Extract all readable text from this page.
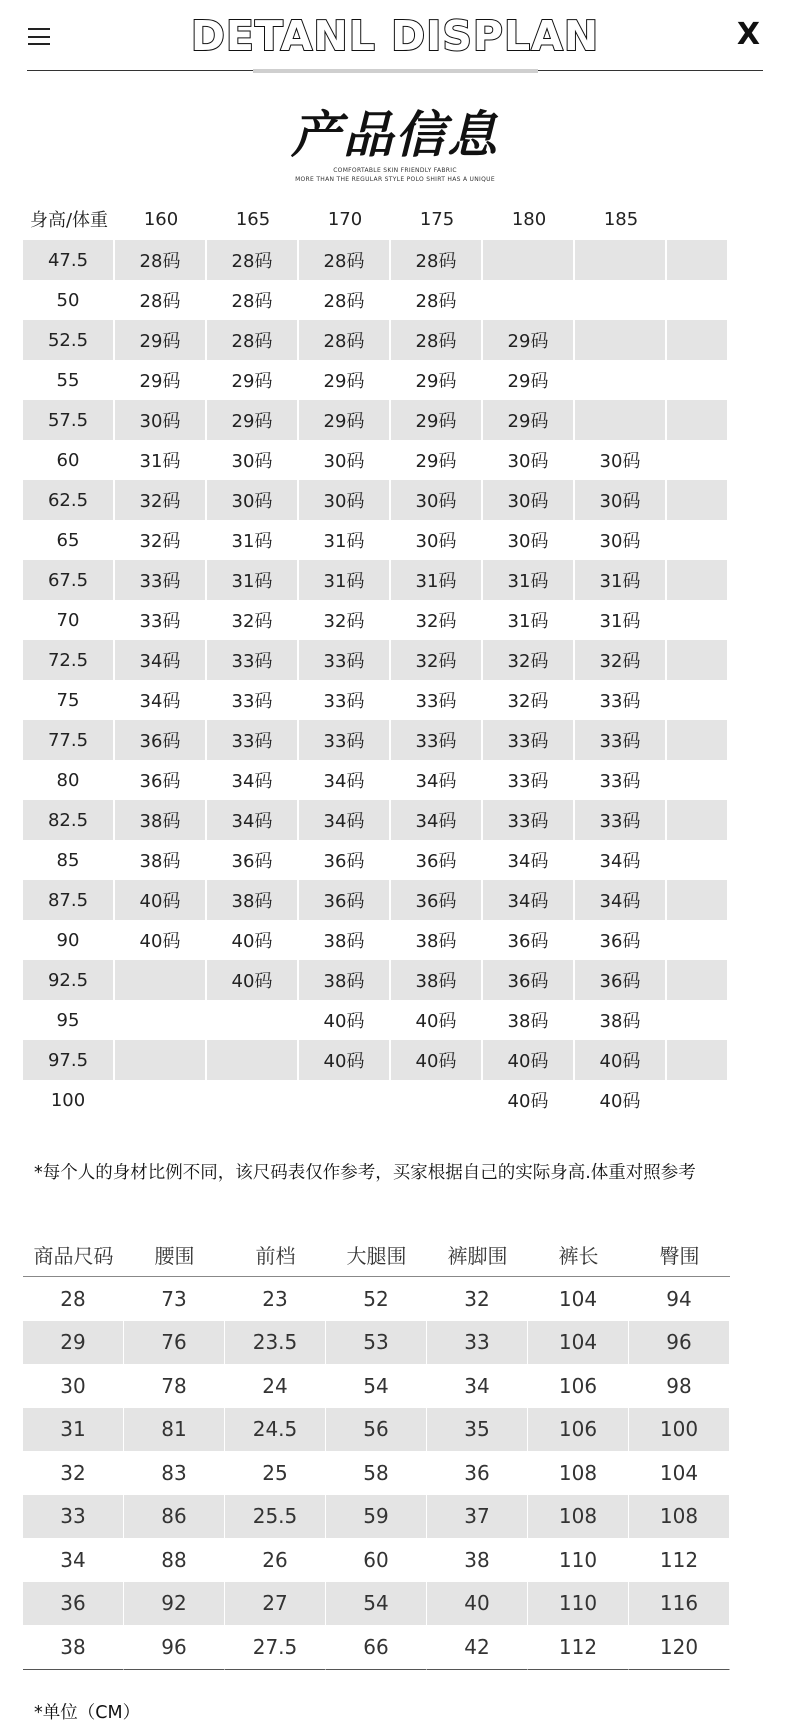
DETANL DISPLAN	X
产品信息
COMFORTABLE SKIN FRIENDLY FABRIC
MORE THAN THE REGULAR STYLE POLO SHIRT HAS A UNIQUE
身高/体重	160	165	170	175	180	185	
47.5	28码	28码	28码	28码			
50	28码	28码	28码	28码			
52.5	29码	28码	28码	28码	29码		
55	29码	29码	29码	29码	29码		
57.5	30码	29码	29码	29码	29码		
60	31码	30码	30码	29码	30码	30码	
62.5	32码	30码	30码	30码	30码	30码	
65	32码	31码	31码	30码	30码	30码	
67.5	33码	31码	31码	31码	31码	31码	
70	33码	32码	32码	32码	31码	31码	
72.5	34码	33码	33码	32码	32码	32码	
75	34码	33码	33码	33码	32码	33码	
77.5	36码	33码	33码	33码	33码	33码	
80	36码	34码	34码	34码	33码	33码	
82.5	38码	34码	34码	34码	33码	33码	
85	38码	36码	36码	36码	34码	34码	
87.5	40码	38码	36码	36码	34码	34码	
90	40码	40码	38码	38码	36码	36码	
92.5		40码	38码	38码	36码	36码	
95			40码	40码	38码	38码	
97.5			40码	40码	40码	40码	
100					40码	40码	
*每个人的身材比例不同，该尺码表仅作参考，买家根据自己的实际身高.体重对照参考
商品尺码	腰围	前档	大腿围	裤脚围	裤长	臀围
28	73	23	52	32	104	94
29	76	23.5	53	33	104	96
30	78	24	54	34	106	98
31	81	24.5	56	35	106	100
32	83	25	58	36	108	104
33	86	25.5	59	37	108	108
34	88	26	60	38	110	112
36	92	27	54	40	110	116
38	96	27.5	66	42	112	120
*单位（CM）
